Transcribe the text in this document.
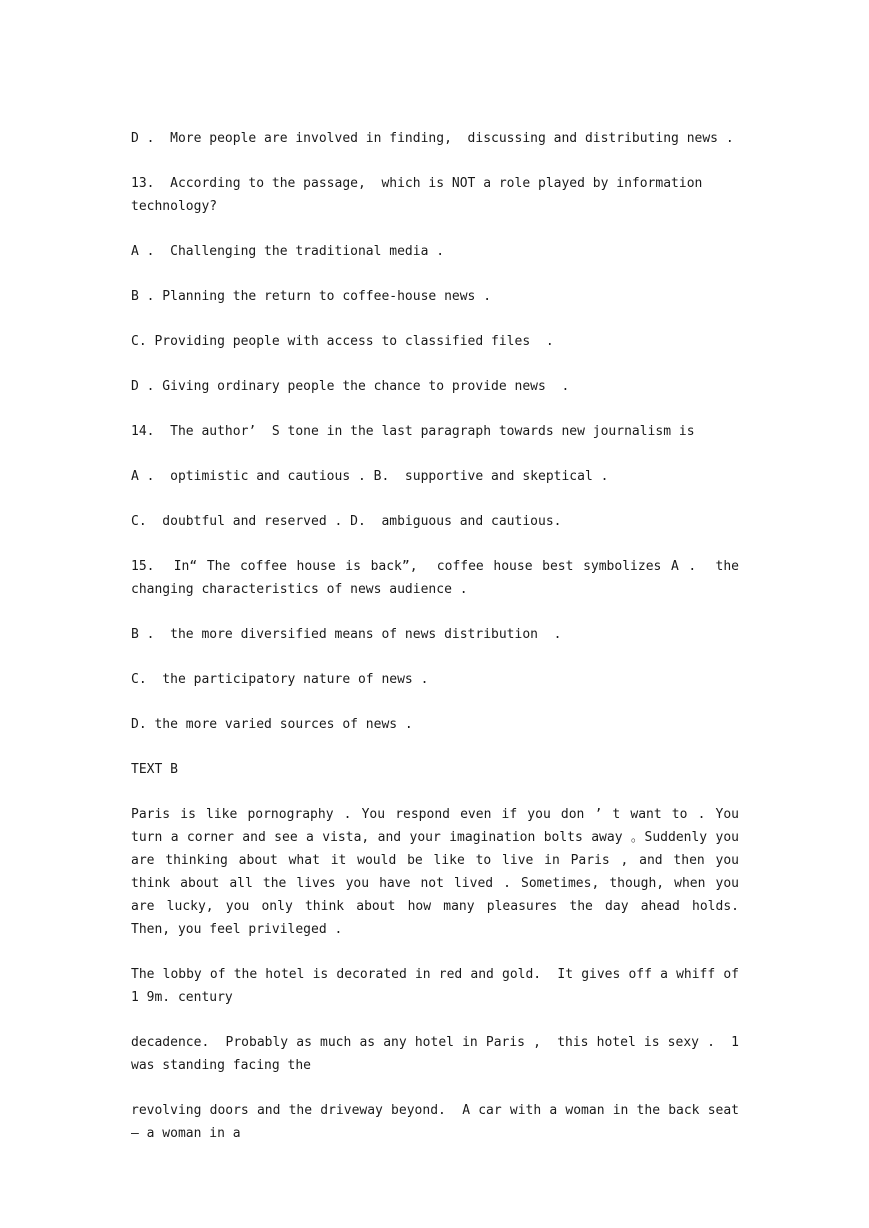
D .  More people are involved in finding,  discussing and distributing news .

13.  According to the passage,  which is NOT a role played by information technology?

A .  Challenging the traditional media .

B . Planning the return to coffee-house news .

C. Providing people with access to classified files  .

D . Giving ordinary people the chance to provide news  .

14.  The author’  S tone in the last paragraph towards new journalism is

A .  optimistic and cautious . B.  supportive and skeptical .

C.  doubtful and reserved . D.  ambiguous and cautious.

15.  In“ The coffee house is back”,  coffee house best symbolizes A .  the changing characteristics of news audience .

B .  the more diversified means of news distribution  .

C.  the participatory nature of news .

D. the more varied sources of news .

TEXT B

Paris is like pornography . You respond even if you don ’ t want to . You turn a corner and see a vista, and your imagination bolts away 。Suddenly you are thinking about what it would be like to live in Paris , and then you think about all the lives you have not lived . Sometimes, though, when you are lucky, you only think about how many pleasures the day ahead holds.  Then, you feel privileged .

The lobby of the hotel is decorated in red and gold.  It gives off a whiff of 1 9m. century

decadence.  Probably as much as any hotel in Paris ,  this hotel is sexy .  1 was standing facing the

revolving doors and the driveway beyond.  A car with a woman in the back seat— a woman in a
